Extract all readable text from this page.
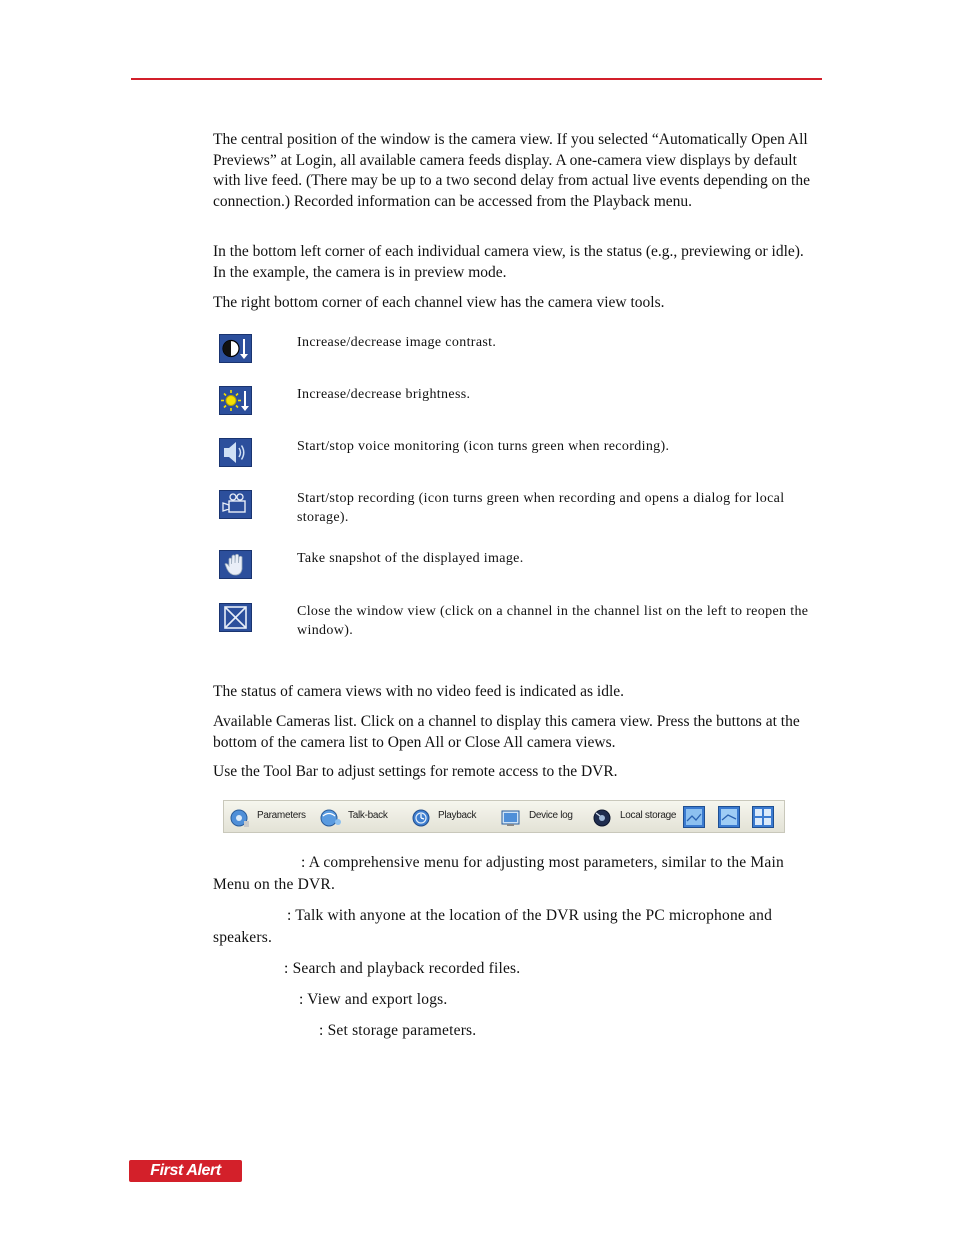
The central position of the window is the camera view. If you selected “Automatically Open All Previews” at Login, all available camera feeds display. A one-camera view displays by default with live feed. (There may be up to a two second delay from actual live events depending on the connection.) Recorded information can be accessed from the Playback menu.

In the bottom left corner of each individual camera view, is the status (e.g., previewing or idle). In the example, the camera is in preview mode.

The right bottom corner of each channel view has the camera view tools.

Increase/decrease image contrast.
Increase/decrease brightness.
Start/stop voice monitoring (icon turns green when recording).
Start/stop recording (icon turns green when recording and opens a dialog for local storage).
Take snapshot of the displayed image.
Close the window view (click on a channel in the channel list on the left to reopen the window).

The status of camera views with no video feed is indicated as idle.

Available Cameras list. Click on a channel to display this camera view. Press the buttons at the bottom of the camera list to Open All or Close All camera views.

Use the Tool Bar to adjust settings for remote access to the DVR.

Parameters	Talk-back	Playback	Device log	Local storage
: A comprehensive menu for adjusting most parameters, similar to the Main Menu on the DVR.
: Talk with anyone at the location of the DVR using the PC microphone and speakers.
: Search and playback recorded files.
: View and export logs.
: Set storage parameters.
First Alert
